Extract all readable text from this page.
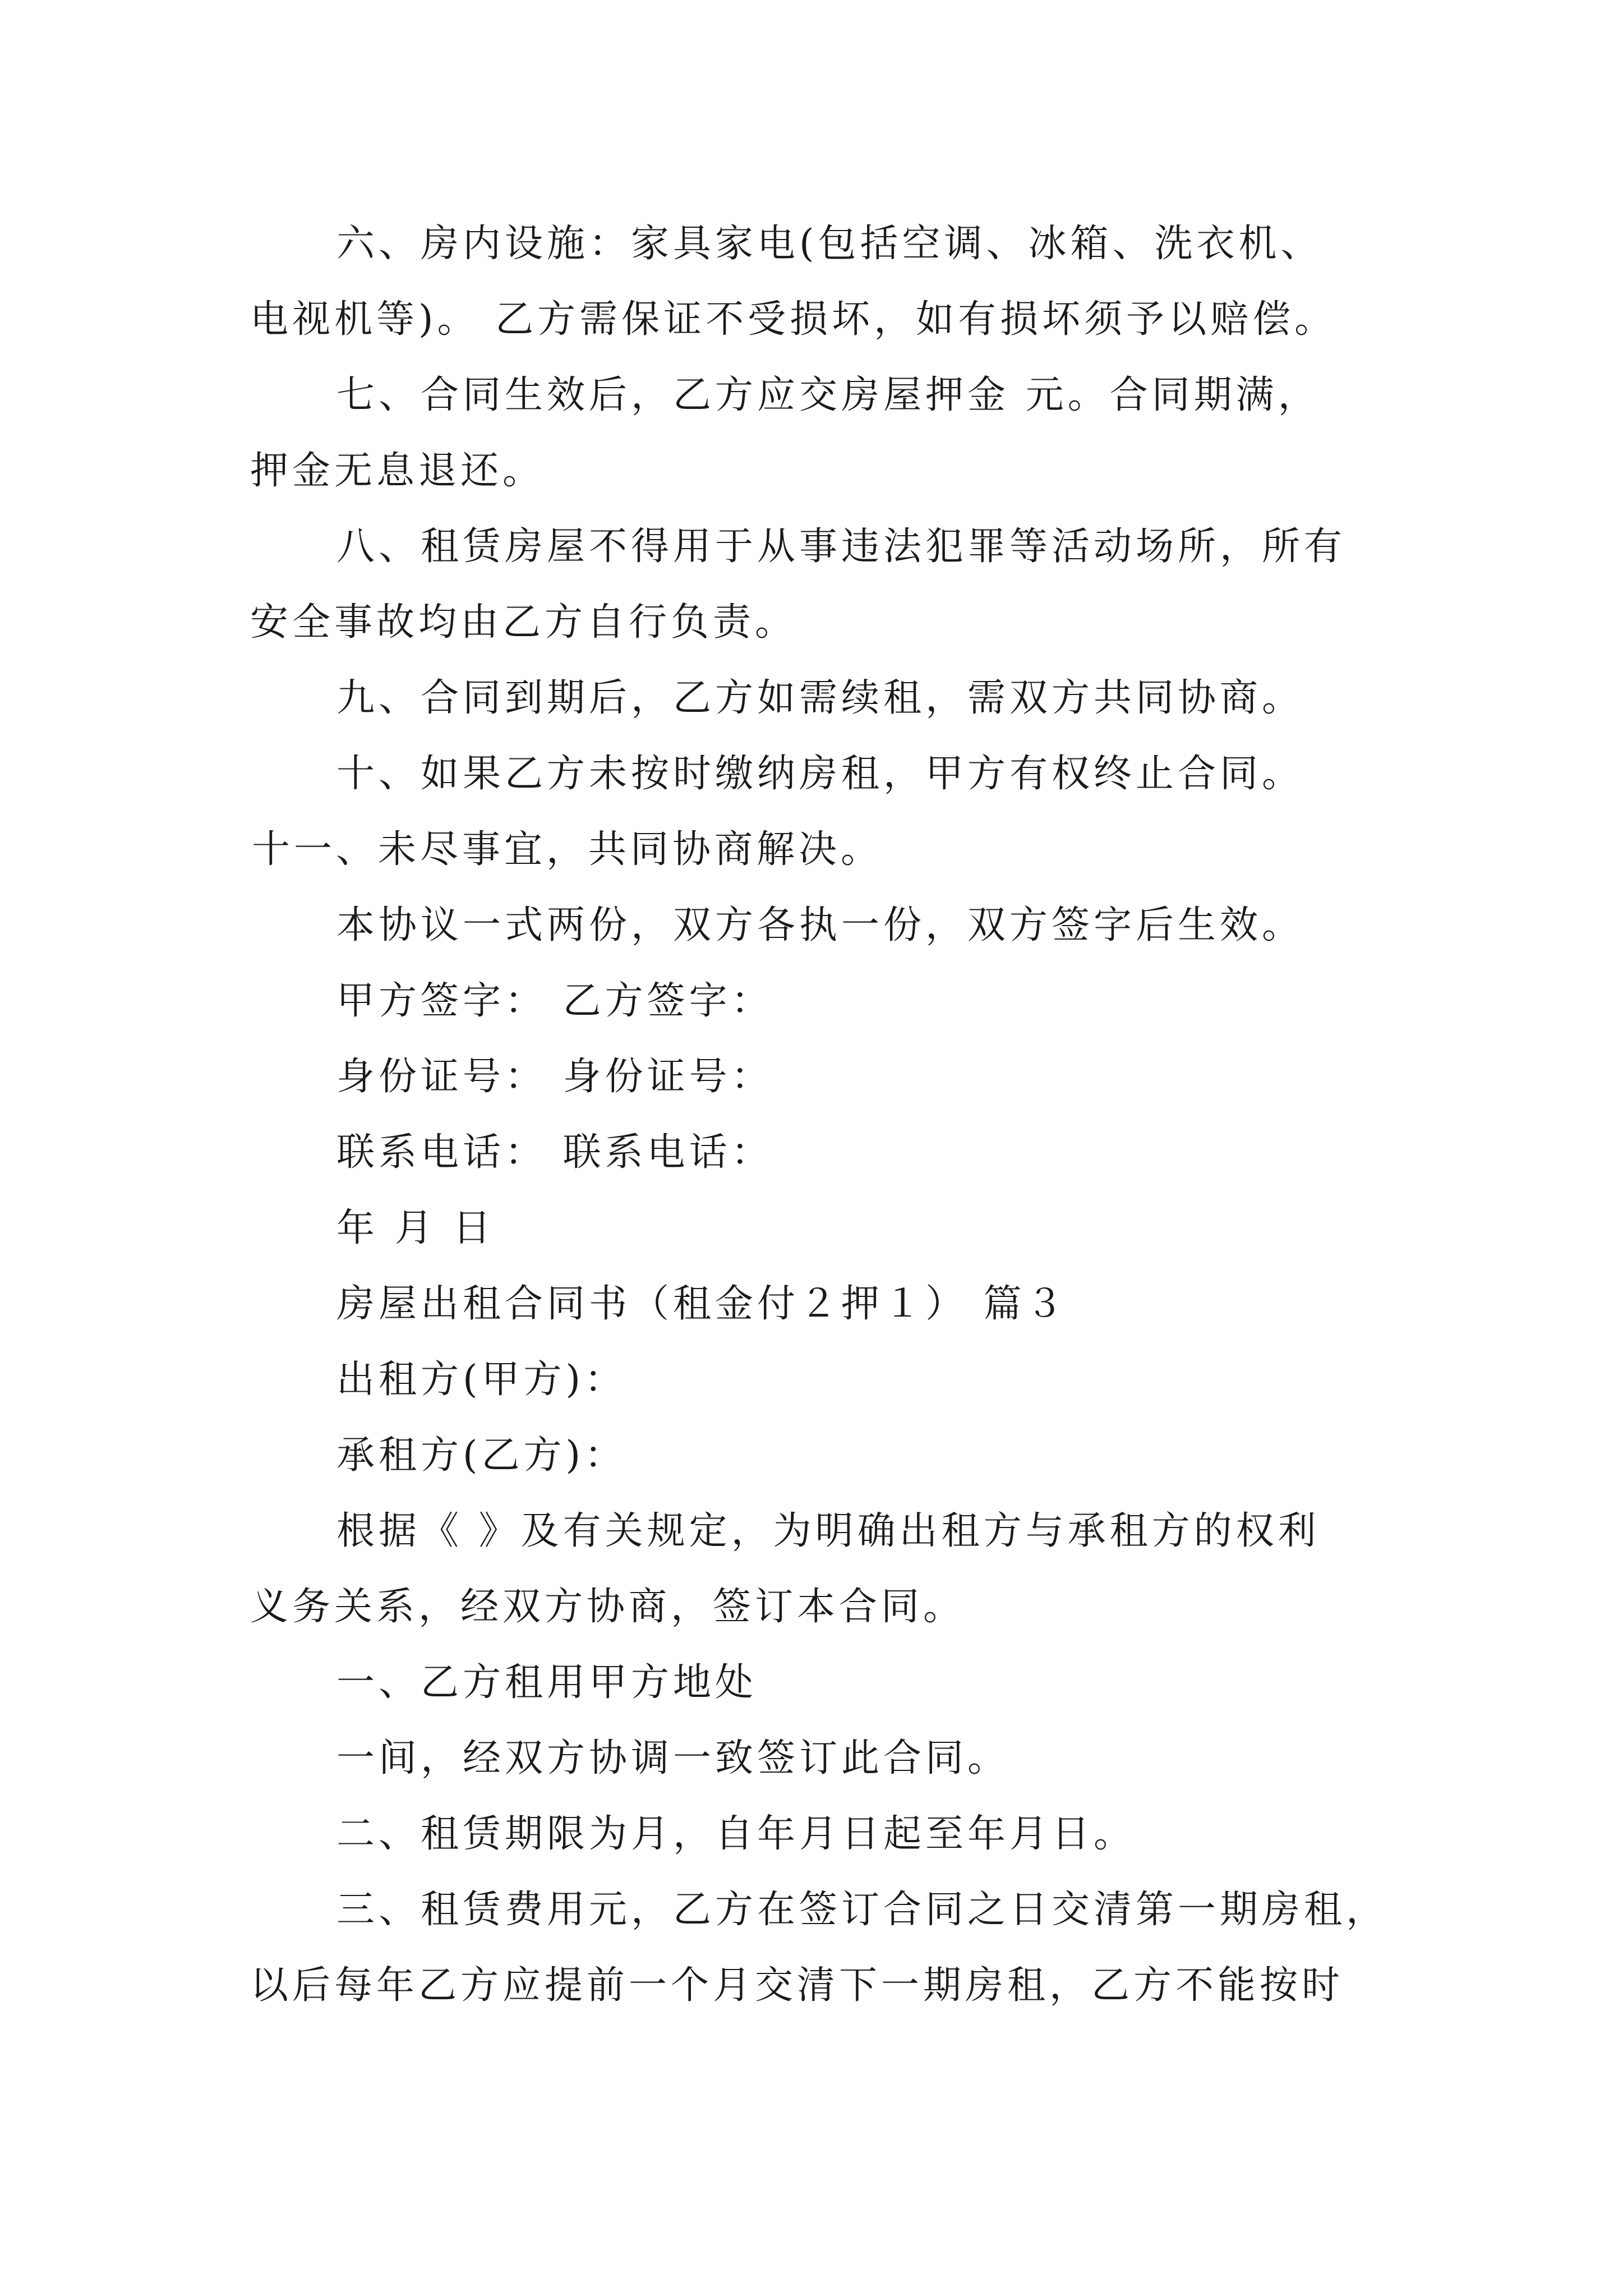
六、房内设施：家具家电(包括空调、冰箱、洗衣机、
电视机等)。 乙方需保证不受损坏，如有损坏须予以赔偿。
七、合同生效后，乙方应交房屋押金 元。合同期满，
押金无息退还。
八、租赁房屋不得用于从事违法犯罪等活动场所，所有
安全事故均由乙方自行负责。
九、合同到期后，乙方如需续租，需双方共同协商。
十、如果乙方未按时缴纳房租，甲方有权终止合同。
十一、未尽事宜，共同协商解决。
本协议一式两份，双方各执一份，双方签字后生效。
甲方签字： 乙方签字：
身份证号： 身份证号：
联系电话： 联系电话：
年 月 日
房屋出租合同书（租金付２押１） 篇３
出租方(甲方)：
承租方(乙方)：
根据《 》及有关规定，为明确出租方与承租方的权利
义务关系，经双方协商，签订本合同。
一、乙方租用甲方地处
一间，经双方协调一致签订此合同。
二、租赁期限为月，自年月日起至年月日。
三、租赁费用元，乙方在签订合同之日交清第一期房租，
以后每年乙方应提前一个月交清下一期房租，乙方不能按时
